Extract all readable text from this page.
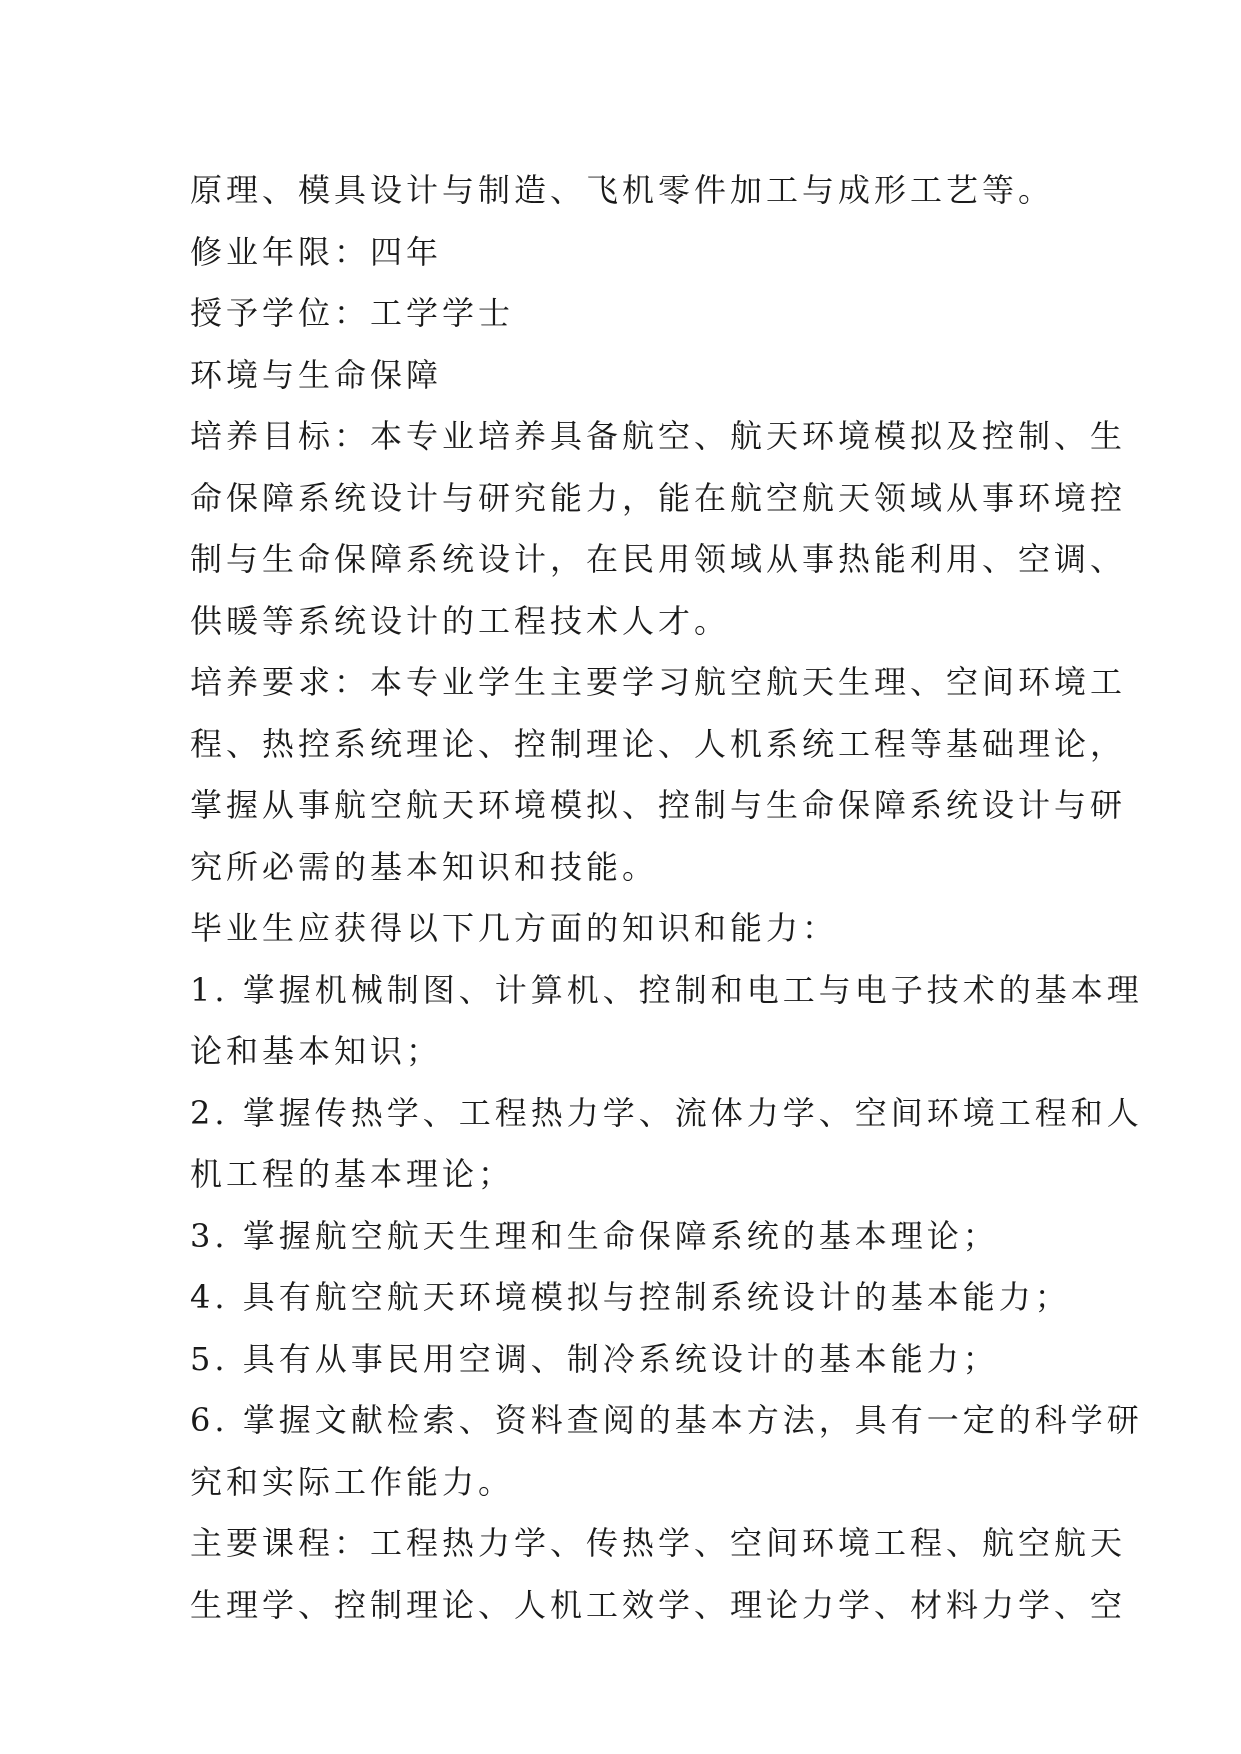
原理、模具设计与制造、飞机零件加工与成形工艺等。

修业年限：四年

授予学位：工学学士

环境与生命保障

培养目标：本专业培养具备航空、航天环境模拟及控制、生

命保障系统设计与研究能力，能在航空航天领域从事环境控

制与生命保障系统设计，在民用领域从事热能利用、空调、

供暖等系统设计的工程技术人才。

培养要求：本专业学生主要学习航空航天生理、空间环境工

程、热控系统理论、控制理论、人机系统工程等基础理论，

掌握从事航空航天环境模拟、控制与生命保障系统设计与研

究所必需的基本知识和技能。

毕业生应获得以下几方面的知识和能力：

1. 掌握机械制图、计算机、控制和电工与电子技术的基本理

论和基本知识；

2. 掌握传热学、工程热力学、流体力学、空间环境工程和人

机工程的基本理论；

3. 掌握航空航天生理和生命保障系统的基本理论；

4. 具有航空航天环境模拟与控制系统设计的基本能力；

5. 具有从事民用空调、制冷系统设计的基本能力；

6. 掌握文献检索、资料查阅的基本方法，具有一定的科学研

究和实际工作能力。

主要课程：工程热力学、传热学、空间环境工程、航空航天

生理学、控制理论、人机工效学、理论力学、材料力学、空
